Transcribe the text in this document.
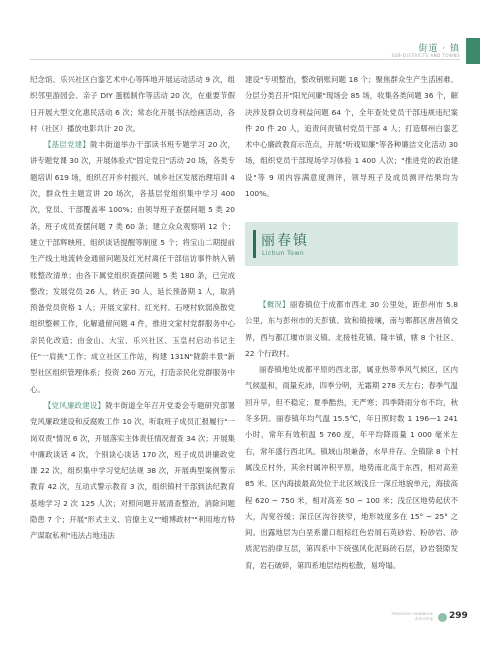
街道 · 镇
SUB-DISTRICTS AND TOWNS

纪念馆、乐兴社区白銮艺术中心等阵地开展运动活动 9 次，组织邻里游园会、亲子 DIY 蛋糕制作等活动 20 次，在重要节假日开展大型文化惠民活动 6 次；常态化开展书法绘画活动，各村（社区）播放电影共计 20 次。

【基层党建】陇丰街道举办干部读书班专题学习 20 次，讲专题党课 30 次，开展体验式"固定党日"活动 20 场，各类专题培训 619 场，组织召开乡村振兴、城乡社区发展治理培训 4 次，群众性主题宣讲 20 场次，各基层党组织集中学习 400 次，党员、干部覆盖率 100%；由领导班子查摆问题 5 类 20 条，班子成员查摆问题 7 类 60 条；建立众众观察哨 12 个；建立干部辉映班、组织谈话提醒等制度 5 个；将宝山二期提前生产线土地流转金通留问题及红光村离任干部信访事件纳入销账整改清单；由各下属党组织查摆问题 5 类 180 条，已完成整改；发展党员 26 人，转正 30 人，延长预备期 1 人，取消预备党员资格 1 人；开展文家村、红光村、石埂村软弱涣散党组织整顿工作，化解遗留问题 4 件，推进文家村党群服务中心亲民化改造；由金山、大宝、乐兴社区、玉皇村启动书记主任"一肩挑"工作；成立社区工作站，构建 131N"陇蔚丰景"新型社区组织管理体系；投资 260 万元，打造亲民化党群服务中心。

【党风廉政建设】陇丰街道全年召开党委会专题研究部署党风廉政建设和反腐败工作 10 次，听取班子成员汇报履行"一岗双责"情况 6 次，开展落实主体责任情况督查 34 次；开展集中廉政谈话 4 次，个别谈心谈话 170 次，班子成员讲廉政党课 22 次，组织集中学习党纪法规 38 次，开展典型案例警示教育 42 次，互动式警示教育 3 次，组织镇村干部到法纪教育基地学习 2 次 125 人次；对照问题开展清查整治，消除问题隐患 7 个；开展"形式主义、官僚主义""蜡博政材""利用地方特产谋取私利"违法占地违法

建设"专项整治，整改销账问题 18 个；聚焦群众生产生活困难、分层分类召开"阳光问廉"现场会 85 场，收集各类问题 36 个，解决涉及群众切身利益问题 64 个，全年查处党员干部违规违纪案件 20 件 20 人，追责问责镇村党员干部 4 人；打造郫州白銮艺术中心廉政教育示范点，开展"听戏知廉"等各种廉洁文化活动 30 场，组织党员干部现场学习体验 1 400 人次；"推进党的政治建设"等 9 项内容满意度测评，领导班子及成员测评结果均为 100%。

丽春镇
Lichun Town

【概况】丽春镇位于成都市西北 30 公里处，距彭州市 5.8 公里，东与彭州市的天彭镇、致和镇接壤，南与郫都区唐昌镇交界，西与都江堰市崇义镇、北接桂花镇、隆丰镇，辖 8 个社区、22 个行政村。

丽春镇地处成都平原的西北部，属亚热带季风气候区，区内气候温和，雨量充沛，四季分明，无霜期 278 天左右；春季气温回升早，但不稳定；夏季酷热，无严寒；四季降雨分布不均，秋冬多阴。丽春镇年均气温 15.5℃，年日照时数 1 196—1 241 小时，常年有效积温 5 760 度，年平均降雨量 1 000 毫米左右，常年盛行西北风。镇域山坝兼备，水旱并存。全镇除 8 个村属浅丘村外，其余村属冲积平原，地势南北高于东西，相对高差 85 米。区内海拔最高处位于北区域浅丘一深丘地貌单元，海拔高程 620 ~ 750 米，相对高差 50 ~ 100 米；浅丘区地势起伏不大，沟宽谷缓；深丘区沟谷狭窄，地形坡度多在 15° ~ 25° 之间。出露地层为白垩系灌口组棕红色岩屑石英砂岩、粉砂岩、砂质泥岩韵律互层，第四系中下统强风化泥砾砖石层，砂岩裂隙发育，岩石破碎，第四系地层结构松散，易垮塌。

PENGZHOU YEARBOOK 彭州市年鉴 299
